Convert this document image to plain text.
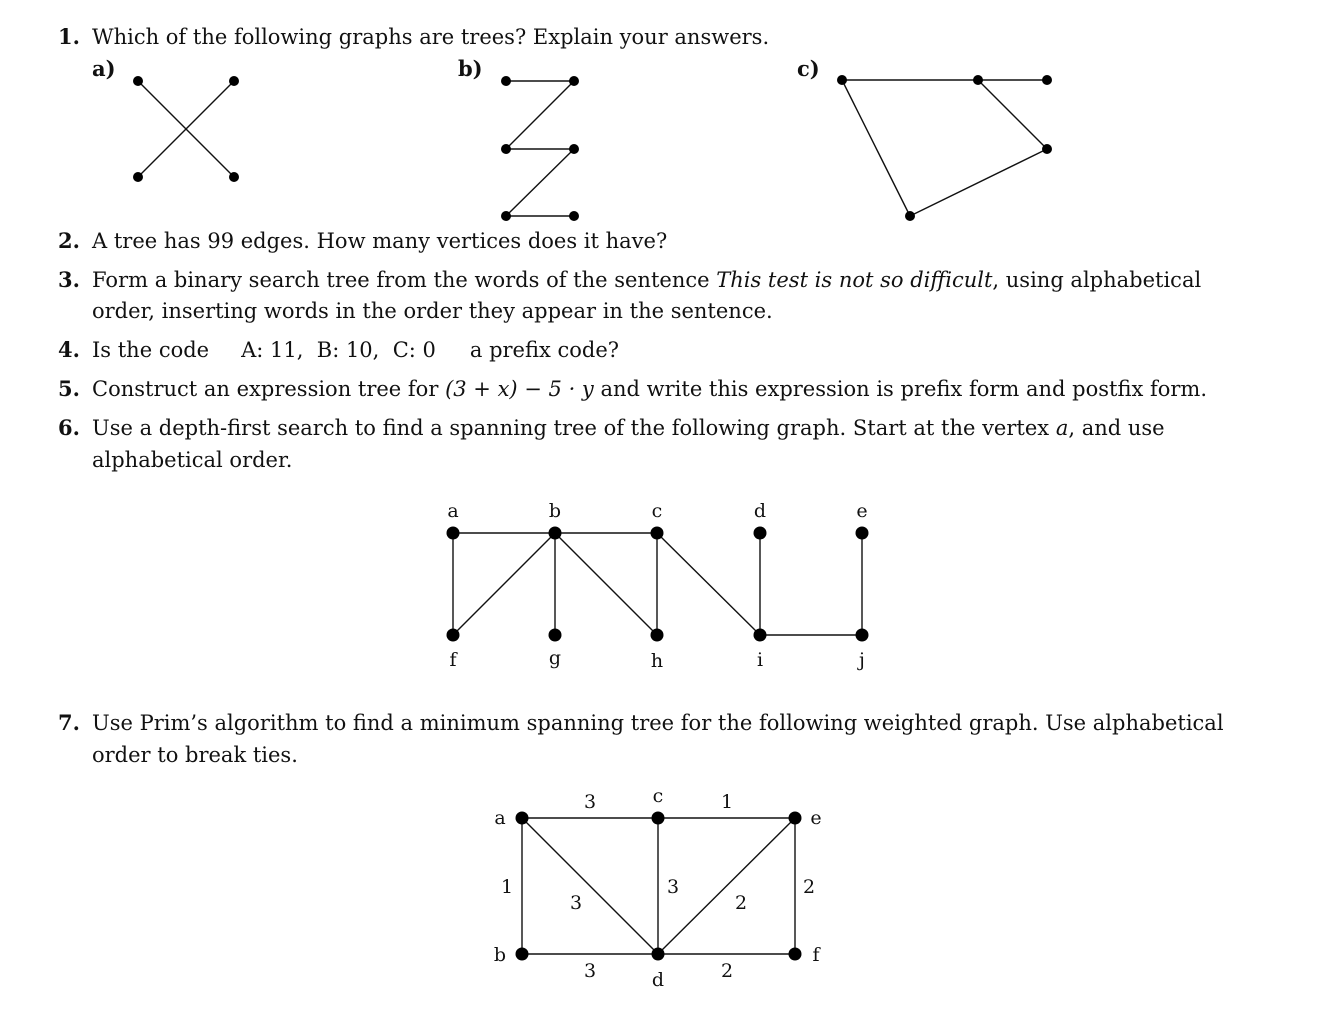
1. Which of the following graphs are trees? Explain your answers.
a)	b)	c)
a	b	c	d	e
f	g	h	i	j
a
b
c
d
e
f
3	1
1
3
3
2
2
3	2
2. A tree has 99 edges. How many vertices does it have?
3. Form a binary search tree from the words of the sentence This test is not so difficult, using alphabetical
order, inserting words in the order they appear in the sentence.
4. Is the code A: 11,  B: 10,  C: 0 a prefix code?
5. Construct an expression tree for (3 + x) − 5 · y and write this expression is prefix form and postfix form.
6. Use a depth-first search to find a spanning tree of the following graph. Start at the vertex a, and use
alphabetical order.
7. Use Prim’s algorithm to find a minimum spanning tree for the following weighted graph. Use alphabetical
order to break ties.
